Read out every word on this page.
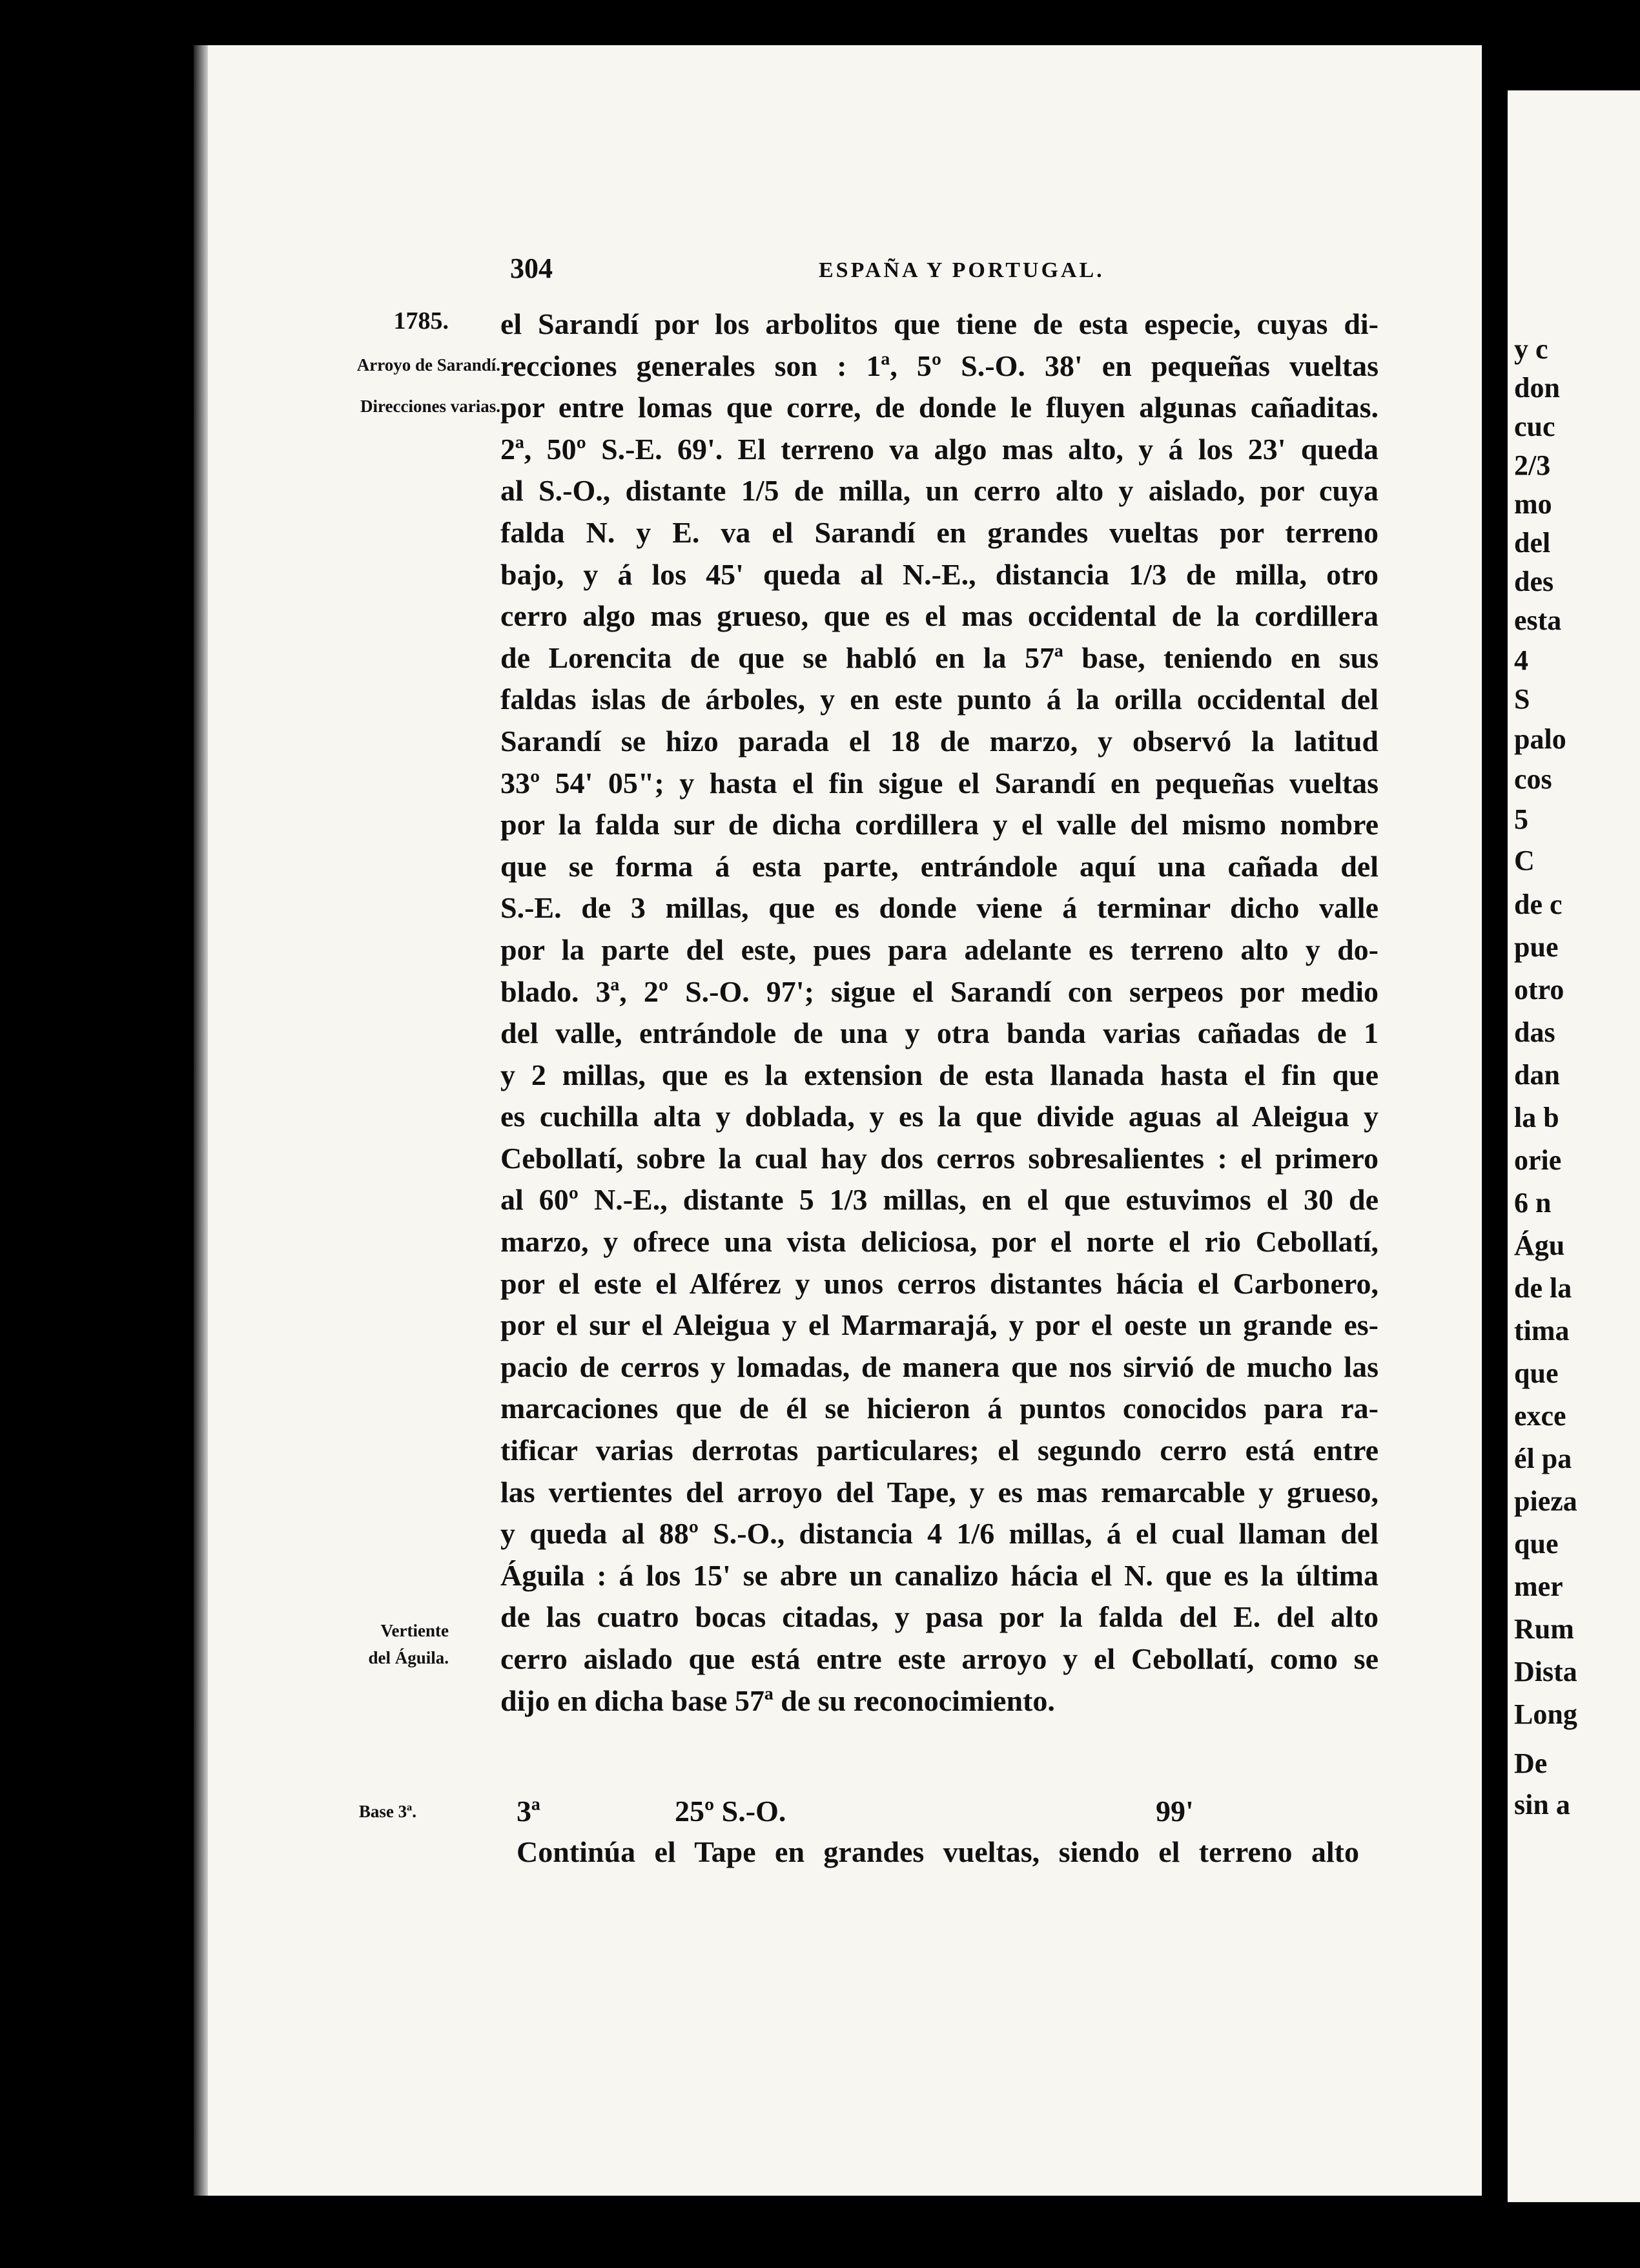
y c
don
cuc
2/3
mo
del
des
esta
4
S
palo
cos
5
C
de c
pue
otro
das
dan
la b
orie
6 n
Águ
de la
tima
que
exce
él pa
pieza
que
mer
Rum
Dista
Long
De
sin a
304	ESPAÑA Y PORTUGAL.
1785.
Arroyo de Sarandí.
Direcciones varias.
Vertiente
del Águila.
Base 3ª.
el Sarandí por los arbolitos que tiene de esta especie, cuyas di-
recciones generales son : 1ª, 5º S.-O. 38' en pequeñas vueltas
por entre lomas que corre, de donde le fluyen algunas cañaditas.
2ª, 50º S.-E. 69'. El terreno va algo mas alto, y á los 23' queda
al S.-O., distante 1/5 de milla, un cerro alto y aislado, por cuya
falda N. y E. va el Sarandí en grandes vueltas por terreno
bajo, y á los 45' queda al N.-E., distancia 1/3 de milla, otro
cerro algo mas grueso, que es el mas occidental de la cordillera
de Lorencita de que se habló en la 57ª base, teniendo en sus
faldas islas de árboles, y en este punto á la orilla occidental del
Sarandí se hizo parada el 18 de marzo, y observó la latitud
33º 54' 05"; y hasta el fin sigue el Sarandí en pequeñas vueltas
por la falda sur de dicha cordillera y el valle del mismo nombre
que se forma á esta parte, entrándole aquí una cañada del
S.-E. de 3 millas, que es donde viene á terminar dicho valle
por la parte del este, pues para adelante es terreno alto y do-
blado. 3ª, 2º S.-O. 97'; sigue el Sarandí con serpeos por medio
del valle, entrándole de una y otra banda varias cañadas de 1
y 2 millas, que es la extension de esta llanada hasta el fin que
es cuchilla alta y doblada, y es la que divide aguas al Aleigua y
Cebollatí, sobre la cual hay dos cerros sobresalientes : el primero
al 60º N.-E., distante 5 1/3 millas, en el que estuvimos el 30 de
marzo, y ofrece una vista deliciosa, por el norte el rio Cebollatí,
por el este el Alférez y unos cerros distantes hácia el Carbonero,
por el sur el Aleigua y el Marmarajá, y por el oeste un grande es-
pacio de cerros y lomadas, de manera que nos sirvió de mucho las
marcaciones que de él se hicieron á puntos conocidos para ra-
tificar varias derrotas particulares; el segundo cerro está entre
las vertientes del arroyo del Tape, y es mas remarcable y grueso,
y queda al 88º S.-O., distancia 4 1/6 millas, á el cual llaman del
Águila : á los 15' se abre un canalizo hácia el N. que es la última
de las cuatro bocas citadas, y pasa por la falda del E. del alto
cerro aislado que está entre este arroyo y el Cebollatí, como se
dijo en dicha base 57ª de su reconocimiento.
3ª	25º S.-O.	99'
Continúa el Tape en grandes vueltas, siendo el terreno alto
